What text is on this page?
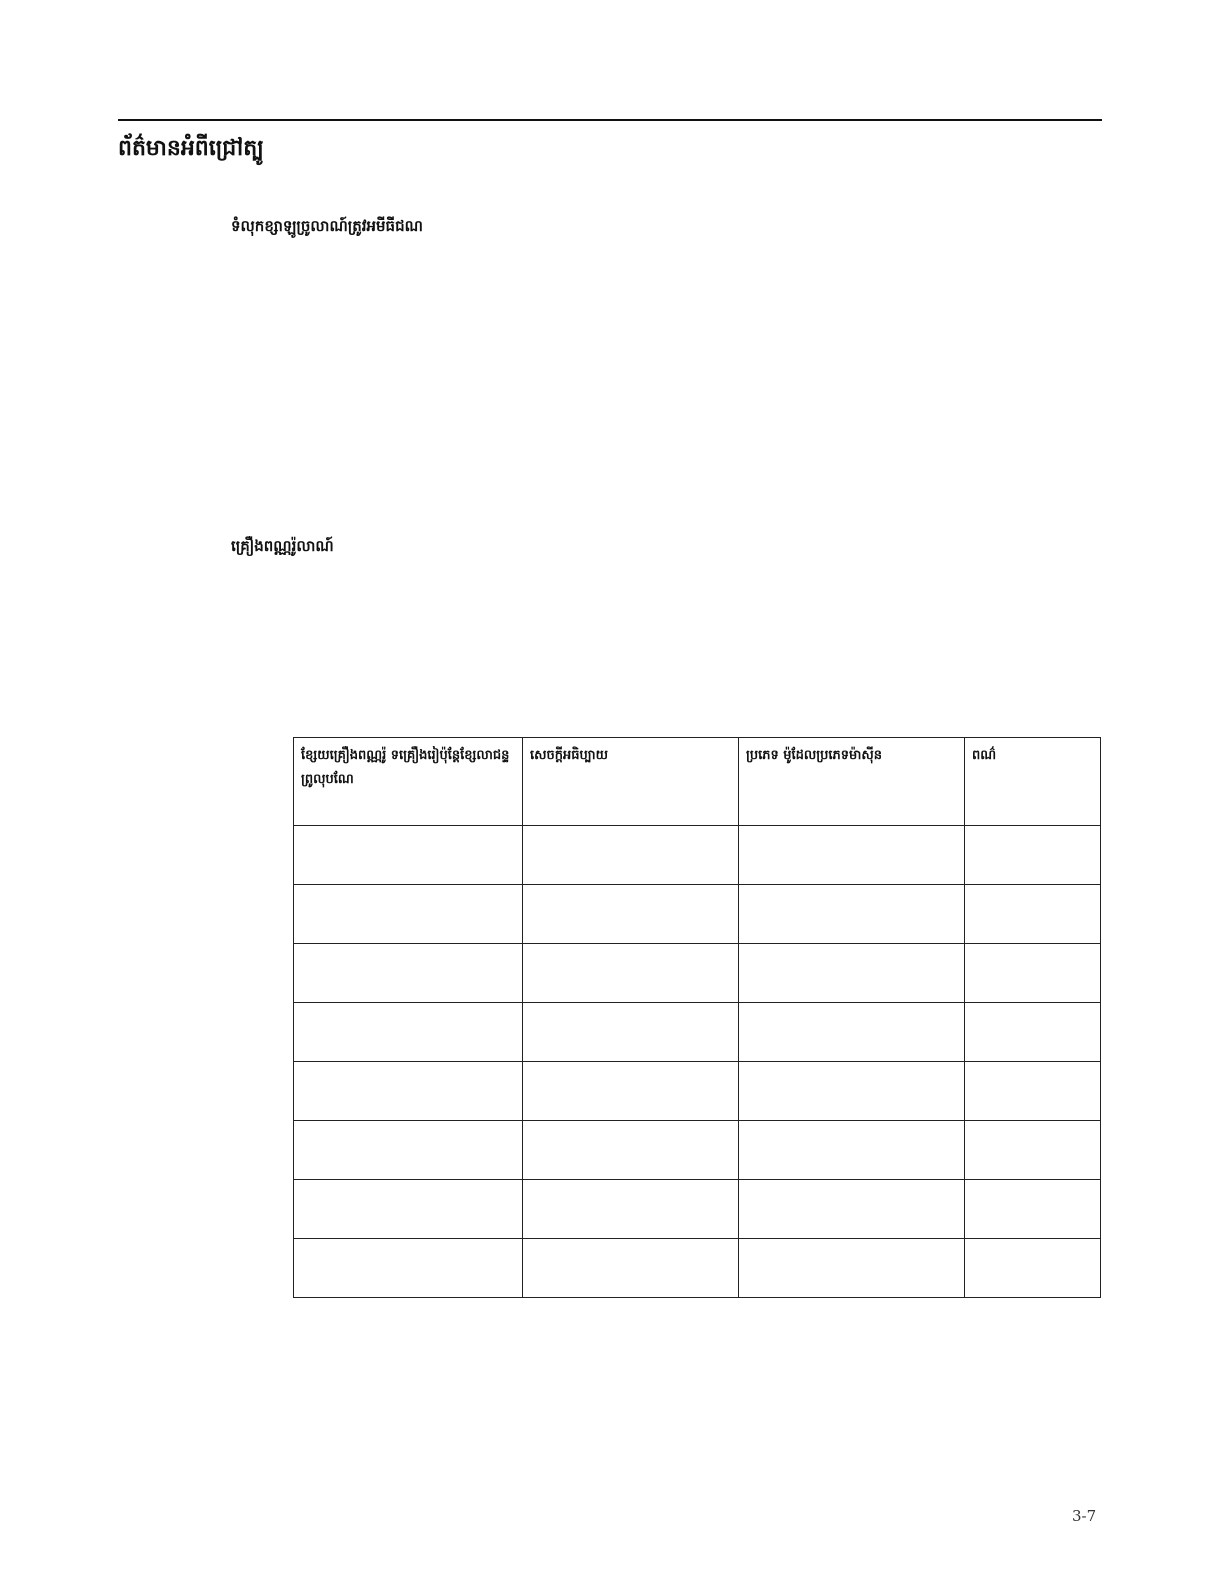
ព័ត៌មានអំពីជ្រៅត្បូ
ទំលុកខ្សាឡូច្រូលាណ៍ត្រូវអមីធីជណ
គ្រឿងពណ្ណរ៉ូលាណ៍
ខ្សែយគ្រឿងពណ្ណរ៉ូ ទគ្រឿងរៀប៉ុន្តែខ្សែលាជន្ទព្រូលុបណែ	សេចក្តីអធិប្បាយ	ប្រភេទ ម៉ូដែលប្រភេទម៉ាស៊ីន	ពណ៌

3-7
